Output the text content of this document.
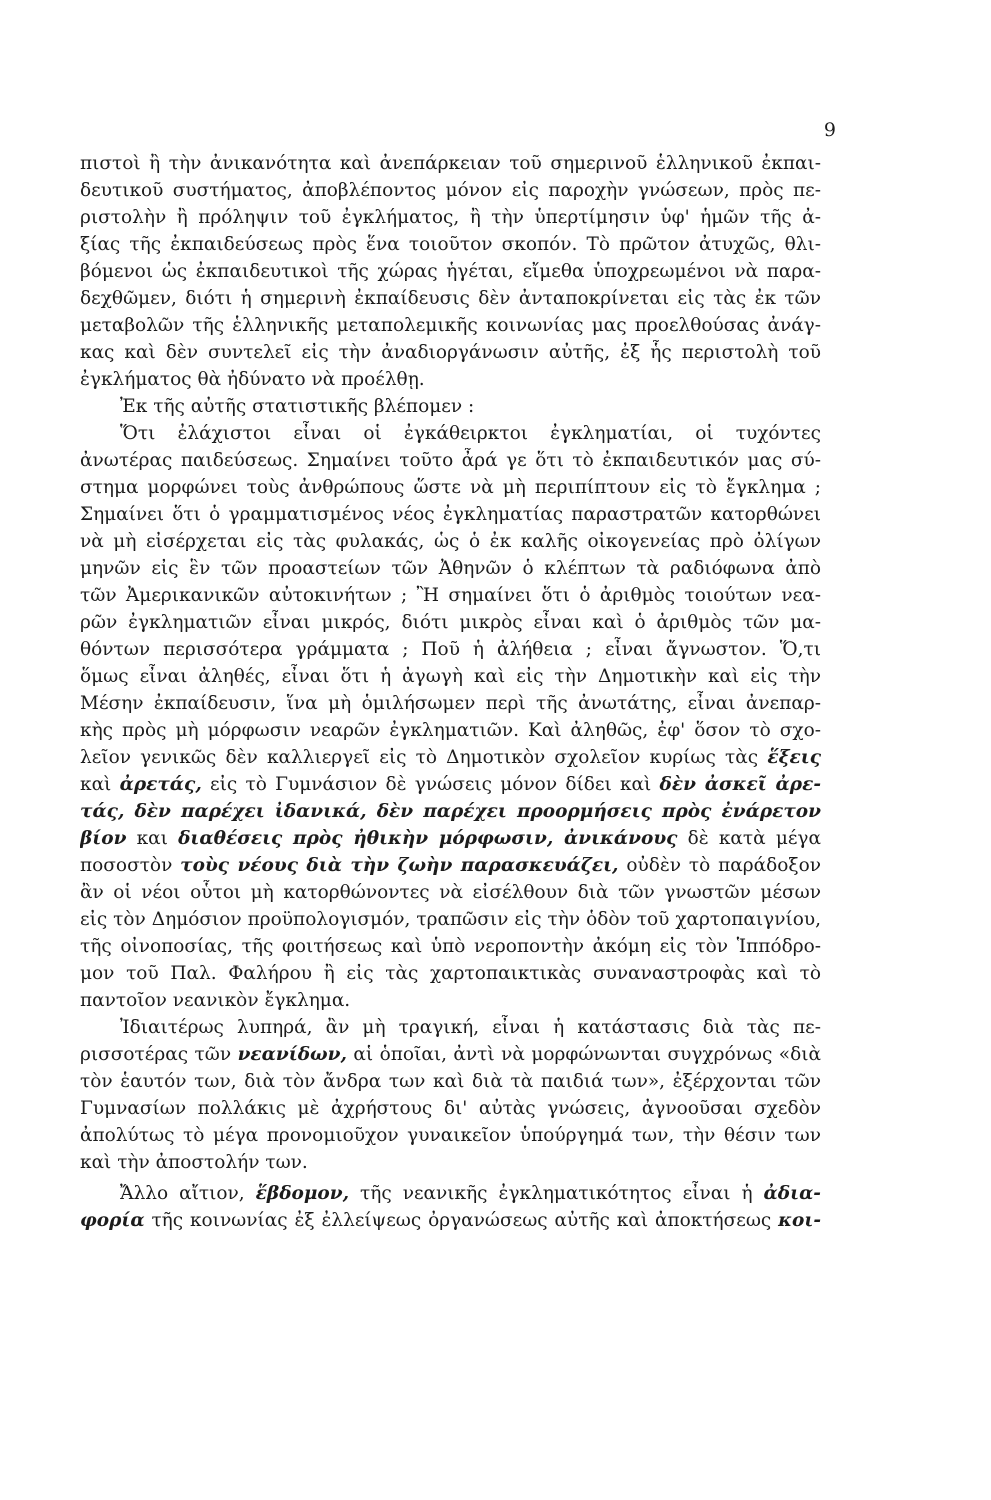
9
πιστοὶ ἢ τὴν ἀνικανότητα καὶ ἀνεπάρκειαν τοῦ σημερινοῦ ἑλληνικοῦ ἐκπαι-
δευτικοῦ συστήματος, ἀποβλέποντος μόνον εἰς παροχὴν γνώσεων, πρὸς πε-
ριστολὴν ἢ πρόληψιν τοῦ ἐγκλήματος, ἢ τὴν ὑπερτίμησιν ὑφ' ἡμῶν τῆς ἀ-
ξίας τῆς ἐκπαιδεύσεως πρὸς ἕνα τοιοῦτον σκοπόν. Τὸ πρῶτον ἀτυχῶς, θλι-
βόμενοι ὡς ἐκπαιδευτικοὶ τῆς χώρας ἡγέται, εἴμεθα ὑποχρεωμένοι νὰ παρα-
δεχθῶμεν, διότι ἡ σημερινὴ ἐκπαίδευσις δὲν ἀνταποκρίνεται εἰς τὰς ἐκ τῶν
μεταβολῶν τῆς ἑλληνικῆς μεταπολεμικῆς κοινωνίας μας προελθούσας ἀνάγ-
κας καὶ δὲν συντελεῖ εἰς τὴν ἀναδιοργάνωσιν αὐτῆς, ἐξ ἧς περιστολὴ τοῦ
ἐγκλήματος θὰ ἠδύνατο νὰ προέλθῃ.
Ἐκ τῆς αὐτῆς στατιστικῆς βλέπομεν :
Ὅτι ἐλάχιστοι εἶναι οἱ ἐγκάθειρκτοι ἐγκληματίαι, οἱ τυχόντες
ἀνωτέρας παιδεύσεως. Σημαίνει τοῦτο ἆρά γε ὅτι τὸ ἐκπαιδευτικόν μας σύ-
στημα μορφώνει τοὺς ἀνθρώπους ὥστε νὰ μὴ περιπίπτουν εἰς τὸ ἔγκλημα ;
Σημαίνει ὅτι ὁ γραμματισμένος νέος ἐγκληματίας παραστρατῶν κατορθώνει
νὰ μὴ εἰσέρχεται εἰς τὰς φυλακάς, ὡς ὁ ἐκ καλῆς οἰκογενείας πρὸ ὀλίγων
μηνῶν εἰς ἓν τῶν προαστείων τῶν Ἀθηνῶν ὁ κλέπτων τὰ ραδιόφωνα ἀπὸ
τῶν Ἀμερικανικῶν αὐτοκινήτων ; Ἢ σημαίνει ὅτι ὁ ἀριθμὸς τοιούτων νεα-
ρῶν ἐγκληματιῶν εἶναι μικρός, διότι μικρὸς εἶναι καὶ ὁ ἀριθμὸς τῶν μα-
θόντων περισσότερα γράμματα ; Ποῦ ἡ ἀλήθεια ; εἶναι ἄγνωστον. Ὅ,τι
ὅμως εἶναι ἀληθές, εἶναι ὅτι ἡ ἀγωγὴ καὶ εἰς τὴν Δημοτικὴν καὶ εἰς τὴν
Μέσην ἐκπαίδευσιν, ἵνα μὴ ὁμιλήσωμεν περὶ τῆς ἀνωτάτης, εἶναι ἀνεπαρ-
κὴς πρὸς μὴ μόρφωσιν νεαρῶν ἐγκληματιῶν. Καὶ ἀληθῶς, ἐφ' ὅσον τὸ σχο-
λεῖον γενικῶς δὲν καλλιεργεῖ εἰς τὸ Δημοτικὸν σχολεῖον κυρίως τὰς ἕξεις
καὶ ἀρετάς, εἰς τὸ Γυμνάσιον δὲ γνώσεις μόνον δίδει καὶ δὲν ἀσκεῖ ἀρε-
τάς, δὲν παρέχει ἰδανικά, δὲν παρέχει προορμήσεις πρὸς ἐνάρετον
βίον και διαθέσεις πρὸς ἠθικὴν μόρφωσιν, ἀνικάνους δὲ κατὰ μέγα
ποσοστὸν τοὺς νέους διὰ τὴν ζωὴν παρασκευάζει, οὐδὲν τὸ παράδοξον
ἂν οἱ νέοι οὗτοι μὴ κατορθώνοντες νὰ εἰσέλθουν διὰ τῶν γνωστῶν μέσων
εἰς τὸν Δημόσιον προϋπολογισμόν, τραπῶσιν εἰς τὴν ὁδὸν τοῦ χαρτοπαιγνίου,
τῆς οἰνοποσίας, τῆς φοιτήσεως καὶ ὑπὸ νεροποντὴν ἀκόμη εἰς τὸν Ἱππόδρο-
μον τοῦ Παλ. Φαλήρου ἢ εἰς τὰς χαρτοπαικτικὰς συναναστροφὰς καὶ τὸ
παντοῖον νεανικὸν ἔγκλημα.
Ἰδιαιτέρως λυπηρά, ἂν μὴ τραγική, εἶναι ἡ κατάστασις διὰ τὰς πε-
ρισσοτέρας τῶν νεανίδων, αἱ ὁποῖαι, ἀντὶ νὰ μορφώνωνται συγχρόνως «διὰ
τὸν ἑαυτόν των, διὰ τὸν ἄνδρα των καὶ διὰ τὰ παιδιά των», ἐξέρχονται τῶν
Γυμνασίων πολλάκις μὲ ἀχρήστους δι' αὐτὰς γνώσεις, ἀγνοοῦσαι σχεδὸν
ἀπολύτως τὸ μέγα προνομιοῦχον γυναικεῖον ὑπούργημά των, τὴν θέσιν των
καὶ τὴν ἀποστολήν των.
Ἄλλο αἴτιον, ἕβδομον, τῆς νεανικῆς ἐγκληματικότητος εἶναι ἡ ἀδια-
φορία τῆς κοινωνίας ἐξ ἐλλείψεως ὀργανώσεως αὐτῆς καὶ ἀποκτήσεως κοι-
